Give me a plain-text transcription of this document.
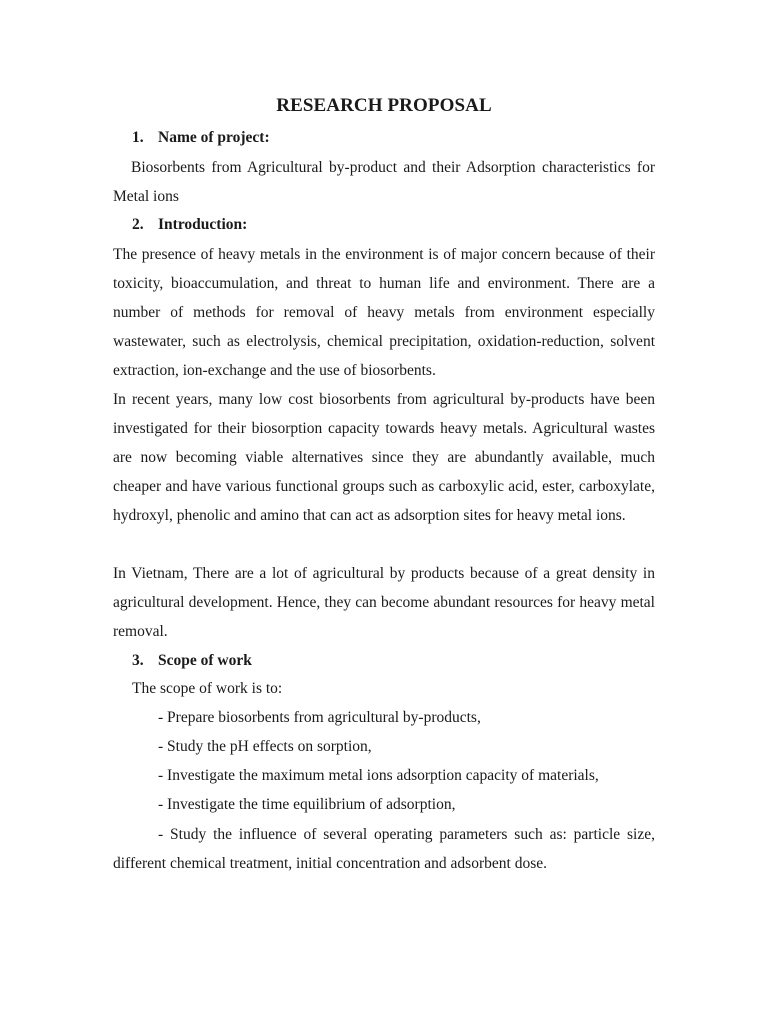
RESEARCH PROPOSAL
1. Name of project:

Biosorbents from Agricultural by-product and their Adsorption characteristics for Metal ions

2. Introduction:

The presence of heavy metals in the environment is of major concern because of their toxicity, bioaccumulation, and threat to human life and environment. There are a number of methods for removal of heavy metals from environment especially wastewater, such as electrolysis, chemical precipitation, oxidation-reduction, solvent extraction, ion-exchange and the use of biosorbents.

In recent years, many low cost biosorbents from agricultural by-products have been investigated for their biosorption capacity towards heavy metals. Agricultural wastes are now becoming viable alternatives since they are abundantly available, much cheaper and have various functional groups such as carboxylic acid, ester, carboxylate, hydroxyl, phenolic and amino that can act as adsorption sites for heavy metal ions.

In Vietnam, There are a lot of agricultural by products because of a great density in agricultural development. Hence, they can become abundant resources for heavy metal removal.

3. Scope of work
The scope of work is to:
- Prepare biosorbents from agricultural by-products,
- Study the pH effects on sorption,
- Investigate the maximum metal ions adsorption capacity of materials,
- Investigate the time equilibrium of adsorption,

- Study the influence of several operating parameters such as: particle size, different chemical treatment, initial concentration and adsorbent dose.
